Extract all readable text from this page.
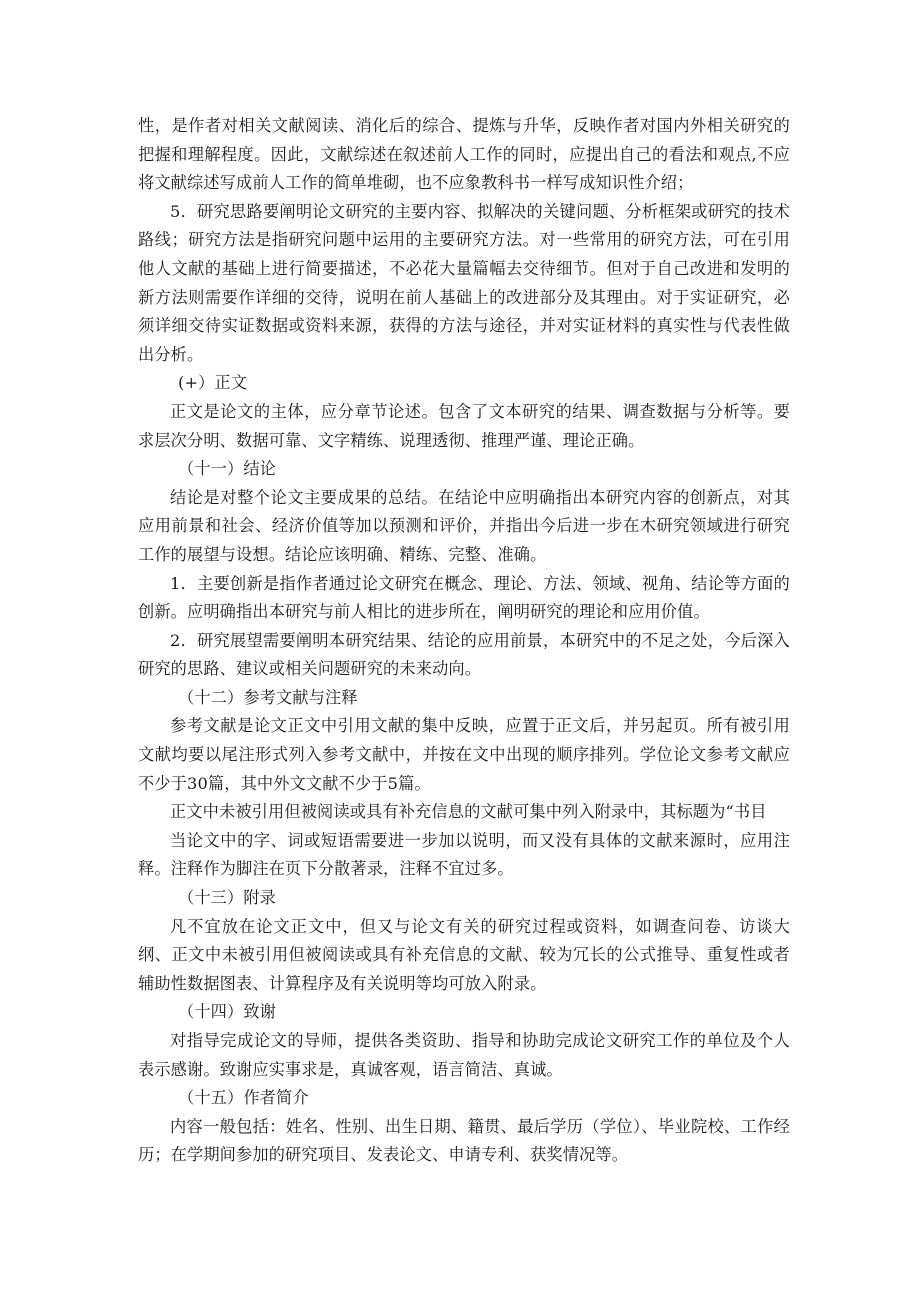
性，是作者对相关文献阅读、消化后的综合、提炼与升华，反映作者对国内外相关研究的把握和理解程度。因此，文献综述在叙述前人工作的同时，应提出自己的看法和观点,不应将文献综述写成前人工作的简单堆砌，也不应象教科书一样写成知识性介绍；

5．研究思路要阐明论文研究的主要内容、拟解决的关键问题、分析框架或研究的技术路线；研究方法是指研究问题中运用的主要研究方法。对一些常用的研究方法，可在引用他人文献的基础上进行简要描述，不必花大量篇幅去交待细节。但对于自己改进和发明的新方法则需要作详细的交待，说明在前人基础上的改进部分及其理由。对于实证研究，必须详细交待实证数据或资料来源，获得的方法与途径，并对实证材料的真实性与代表性做出分析。

(+）正文

正文是论文的主体，应分章节论述。包含了文本研究的结果、调查数据与分析等。要求层次分明、数据可靠、文字精练、说理透彻、推理严谨、理论正确。

（十一）结论

结论是对整个论文主要成果的总结。在结论中应明确指出本研究内容的创新点，对其应用前景和社会、经济价值等加以预测和评价，并指出今后进一步在木研究领域进行研究工作的展望与设想。结论应该明确、精练、完整、准确。

1．主要创新是指作者通过论文研究在概念、理论、方法、领域、视角、结论等方面的创新。应明确指出本研究与前人相比的进步所在，阐明研究的理论和应用价值。

2．研究展望需要阐明本研究结果、结论的应用前景，本研究中的不足之处，今后深入研究的思路、建议或相关问题研究的未来动向。

（十二）参考文献与注释

参考文献是论文正文中引用文献的集中反映，应置于正文后，并另起页。所有被引用文献均要以尾注形式列入参考文献中，并按在文中出现的顺序排列。学位论文参考文献应不少于30篇，其中外文文献不少于5篇。

正文中未被引用但被阅读或具有补充信息的文献可集中列入附录中，其标题为“书目

当论文中的字、词或短语需要进一步加以说明，而又没有具体的文献来源时，应用注释。注释作为脚注在页下分散著录，注释不宜过多。

（十三）附录

凡不宜放在论文正文中，但又与论文有关的研究过程或资料，如调查问卷、访谈大纲、正文中未被引用但被阅读或具有补充信息的文献、较为冗长的公式推导、重复性或者辅助性数据图表、计算程序及有关说明等均可放入附录。

（十四）致谢

对指导完成论文的导师，提供各类资助、指导和协助完成论文研究工作的单位及个人表示感谢。致谢应实事求是，真诚客观，语言简洁、真诚。

（十五）作者简介

内容一般包括：姓名、性别、出生日期、籍贯、最后学历（学位）、毕业院校、工作经历；在学期间参加的研究项目、发表论文、申请专利、获奖情况等。
